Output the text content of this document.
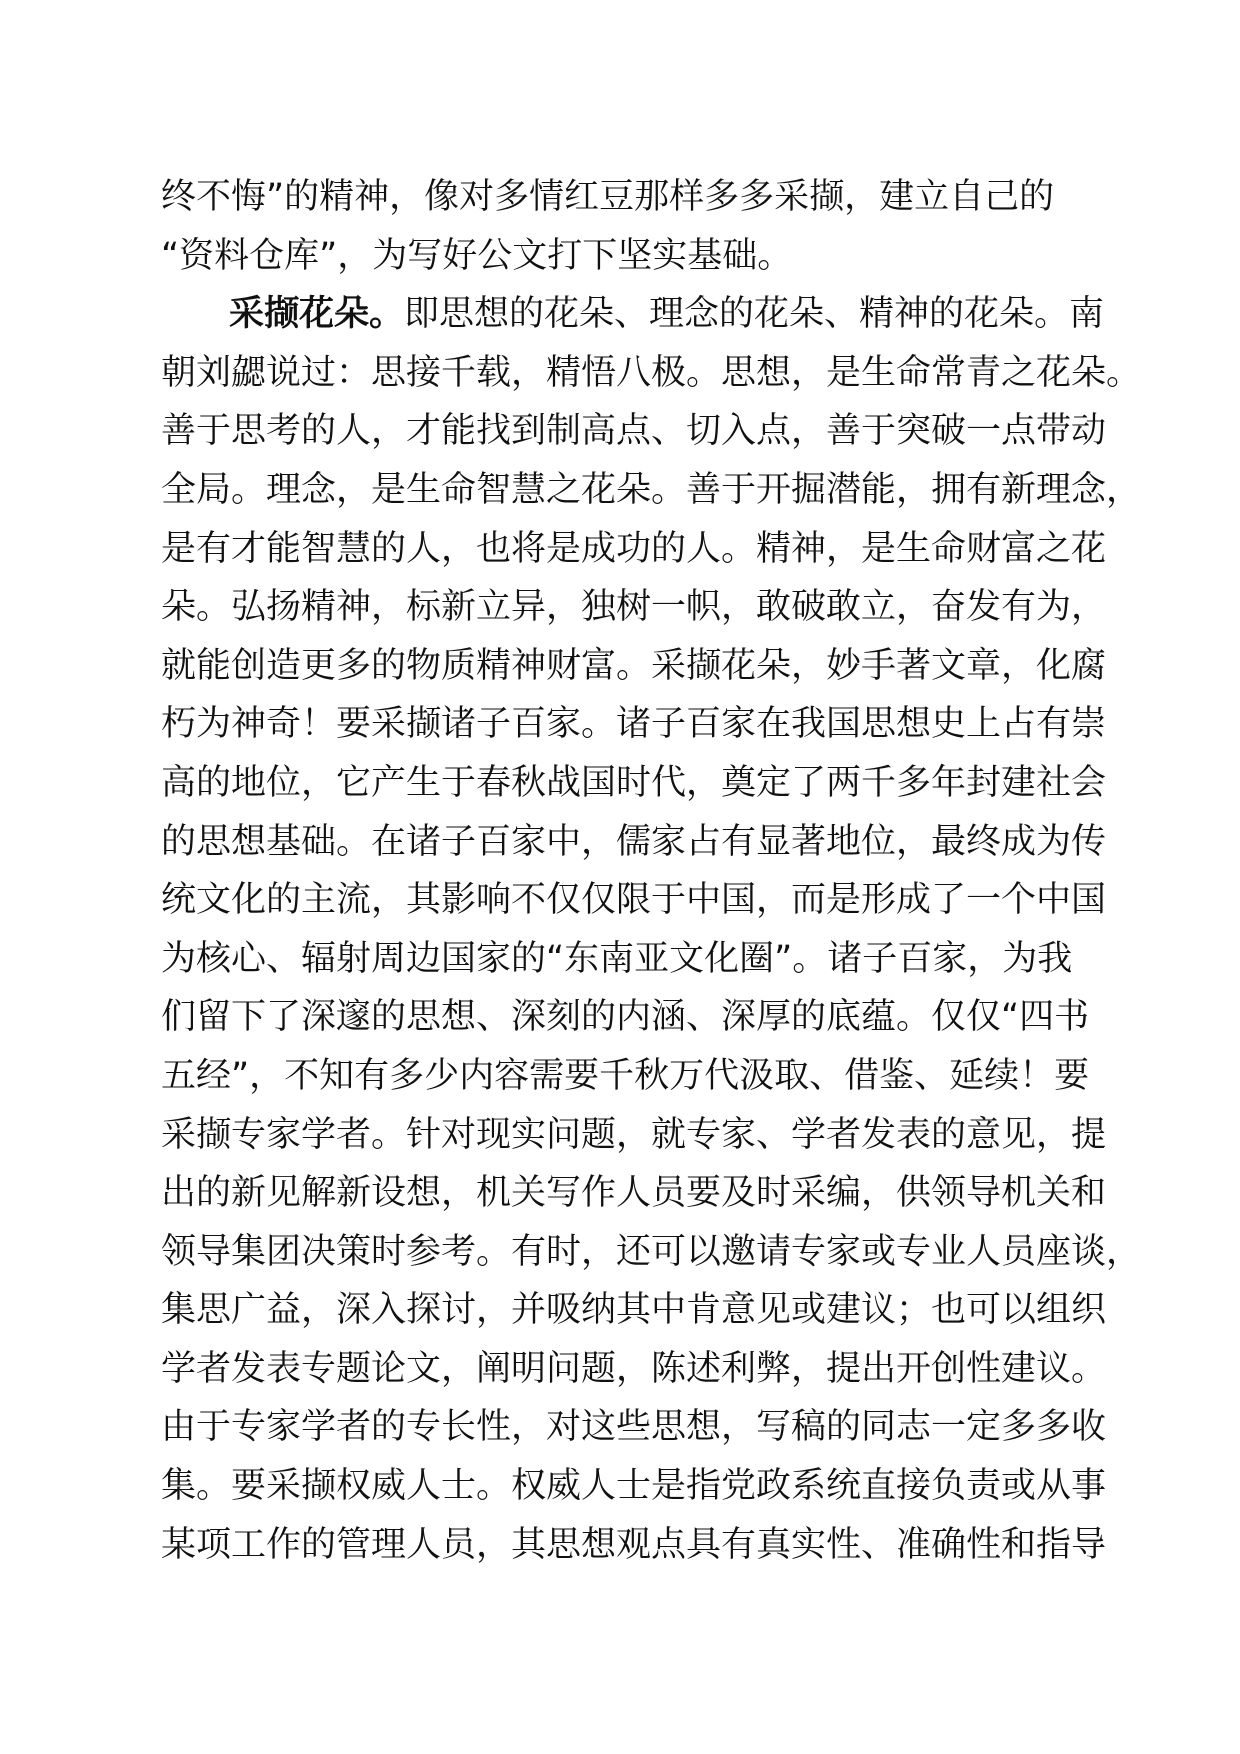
终不悔”的精神，像对多情红豆那样多多采撷，建立自己的
“资料仓库”，为写好公文打下坚实基础。
采撷花朵。即思想的花朵、理念的花朵、精神的花朵。南
朝刘勰说过：思接千载，精悟八极。思想，是生命常青之花朵。
善于思考的人，才能找到制高点、切入点，善于突破一点带动
全局。理念，是生命智慧之花朵。善于开掘潜能，拥有新理念，
是有才能智慧的人，也将是成功的人。精神，是生命财富之花
朵。弘扬精神，标新立异，独树一帜，敢破敢立，奋发有为，
就能创造更多的物质精神财富。采撷花朵，妙手著文章，化腐
朽为神奇！要采撷诸子百家。诸子百家在我国思想史上占有崇
高的地位，它产生于春秋战国时代，奠定了两千多年封建社会
的思想基础。在诸子百家中，儒家占有显著地位，最终成为传
统文化的主流，其影响不仅仅限于中国，而是形成了一个中国
为核心、辐射周边国家的“东南亚文化圈”。诸子百家，为我
们留下了深邃的思想、深刻的内涵、深厚的底蕴。仅仅“四书
五经”，不知有多少内容需要千秋万代汲取、借鉴、延续！要
采撷专家学者。针对现实问题，就专家、学者发表的意见，提
出的新见解新设想，机关写作人员要及时采编，供领导机关和
领导集团决策时参考。有时，还可以邀请专家或专业人员座谈，
集思广益，深入探讨，并吸纳其中肯意见或建议；也可以组织
学者发表专题论文，阐明问题，陈述利弊，提出开创性建议。
由于专家学者的专长性，对这些思想，写稿的同志一定多多收
集。要采撷权威人士。权威人士是指党政系统直接负责或从事
某项工作的管理人员，其思想观点具有真实性、准确性和指导
